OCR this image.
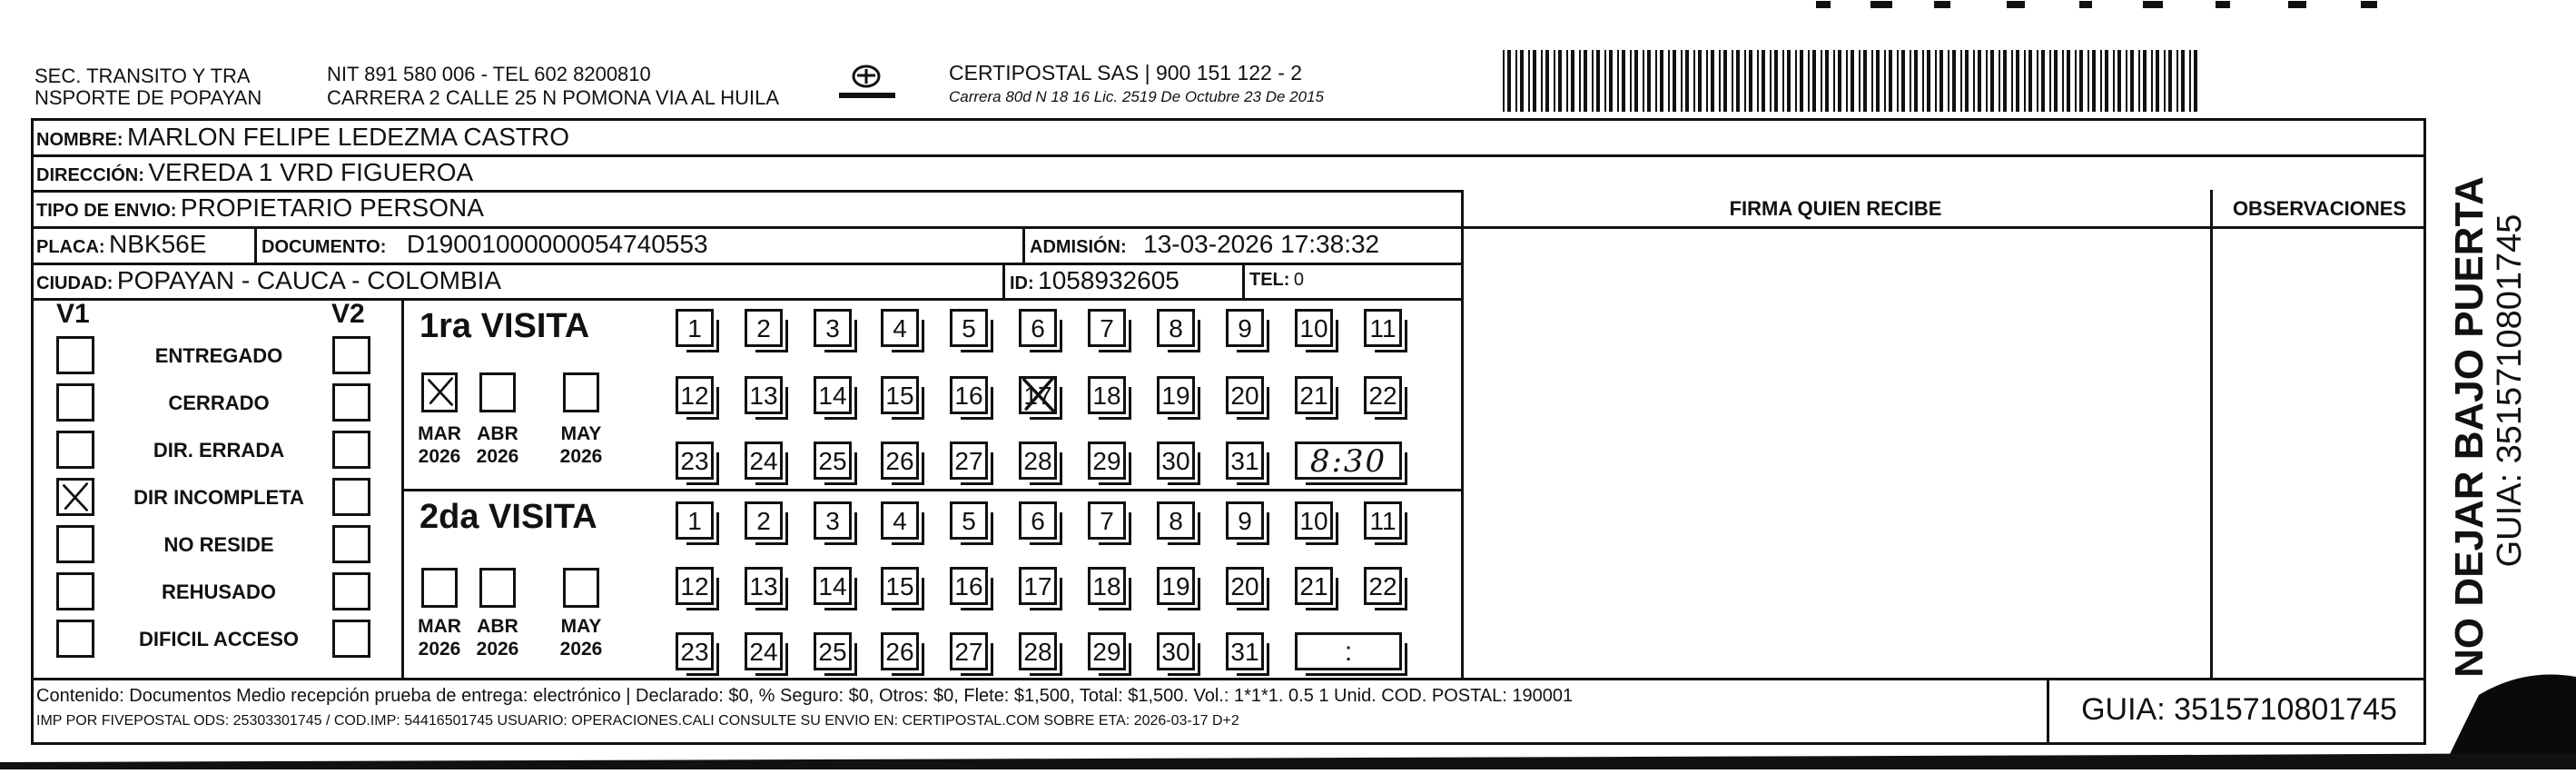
SEC. TRANSITO Y TRA
NSPORTE DE POPAYAN
NIT 891 580 006 - TEL 602 8200810
CARRERA 2 CALLE 25 N POMONA VIA AL HUILA
CERTIPOSTAL SAS | 900 151 122 - 2
Carrera 80d N 18 16 Lic. 2519 De Octubre 23 De 2015
NOMBRE: MARLON FELIPE LEDEZMA CASTRO
DIRECCIÓN: VEREDA 1 VRD FIGUEROA
TIPO DE ENVIO: PROPIETARIO PERSONA
PLACA: NBK56E	DOCUMENTO: D19001000000054740553	ADMISIÓN: 13-03-2026 17:38:32
CIUDAD: POPAYAN - CAUCA - COLOMBIA	ID: 1058932605	TEL: 0
FIRMA QUIEN RECIBE	OBSERVACIONES
V1	V2
ENTREGADO
CERRADO
DIR. ERRADA
DIR INCOMPLETA
NO RESIDE
REHUSADO
DIFICIL ACCESO
1ra VISITA
2da VISITA
MAR
2026
ABR
2026
MAY
2026
MAR
2026
ABR
2026
MAY
2026
1	2	3	4	5	6	7	8	9	10 11
12 13 14 15 16 17 18 19 20 21 22
23 24 25 26 27 28 29 30 31	8:30
1	2	3	4	5	6	7	8	9	10 11
12 13 14 15 16 17 18 19 20 21 22
23 24 25 26 27 28 29 30 31	:	NO DEJAR BAJO PUERTA GUIA: 3515710801745
Contenido: Documentos Medio recepción prueba de entrega: electrónico | Declarado: $0, % Seguro: $0, Otros: $0, Flete: $1,500, Total: $1,500. Vol.: 1*1*1. 0.5 1 Unid. COD. POSTAL: 190001
IMP POR FIVEPOSTAL ODS: 25303301745 / COD.IMP: 54416501745 USUARIO: OPERACIONES.CALI CONSULTE SU ENVIO EN: CERTIPOSTAL.COM SOBRE ETA: 2026-03-17 D+2	GUIA: 3515710801745
